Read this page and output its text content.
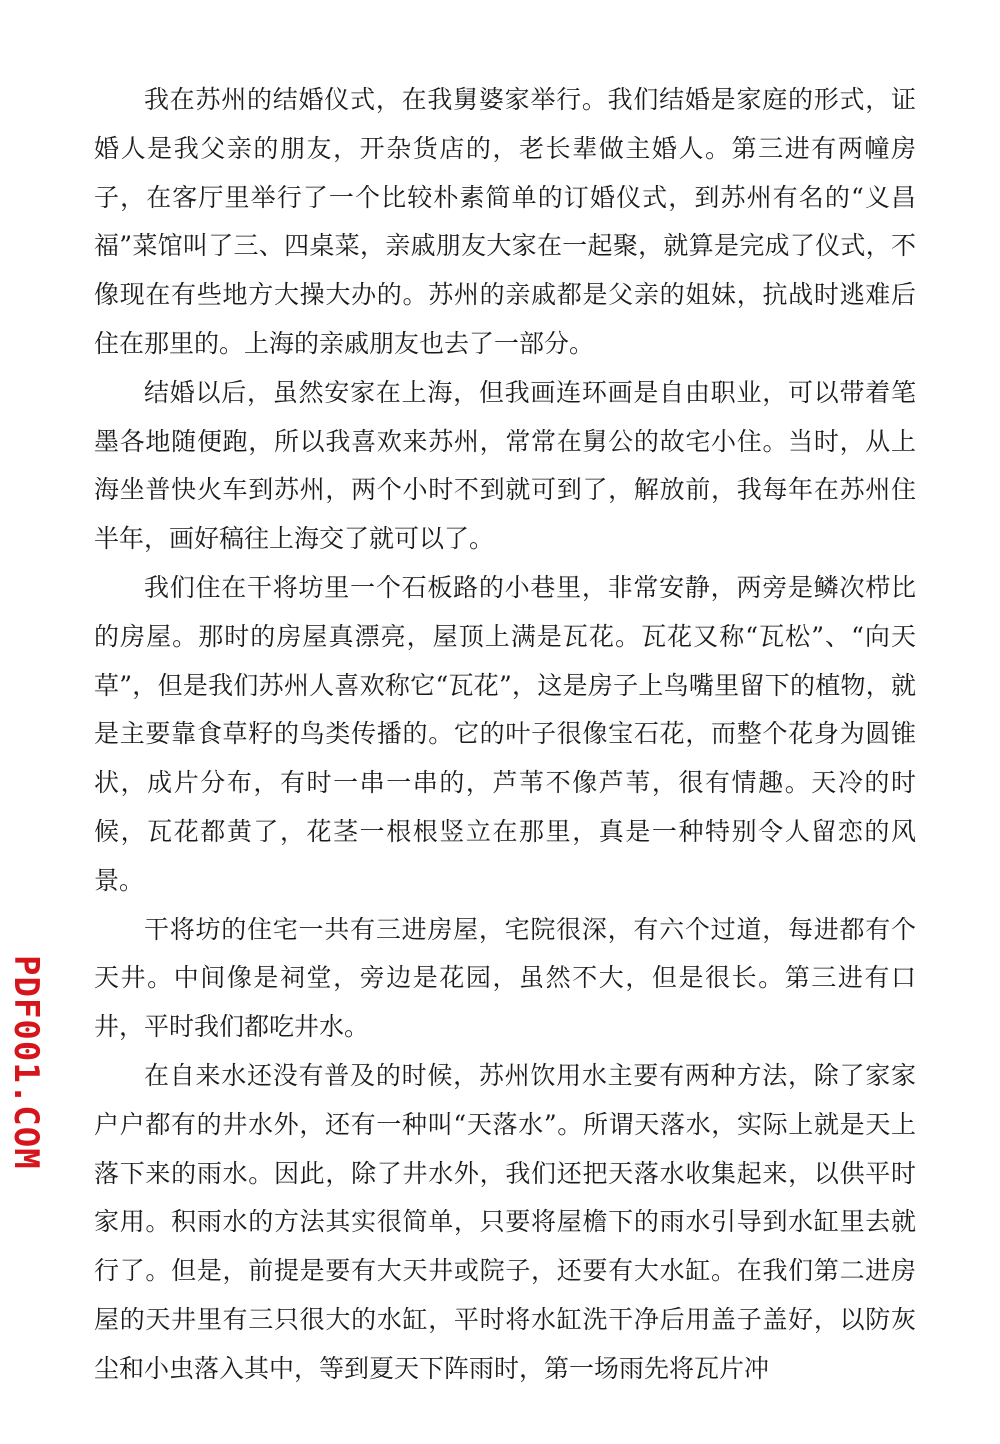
我在苏州的结婚仪式，在我舅婆家举行。我们结婚是家庭的形式，证婚人是我父亲的朋友，开杂货店的，老长辈做主婚人。第三进有两幢房子，在客厅里举行了一个比较朴素简单的订婚仪式，到苏州有名的“义昌福”菜馆叫了三、四桌菜，亲戚朋友大家在一起聚，就算是完成了仪式，不像现在有些地方大操大办的。苏州的亲戚都是父亲的姐妹，抗战时逃难后住在那里的。上海的亲戚朋友也去了一部分。

结婚以后，虽然安家在上海，但我画连环画是自由职业，可以带着笔墨各地随便跑，所以我喜欢来苏州，常常在舅公的故宅小住。当时，从上海坐普快火车到苏州，两个小时不到就可到了，解放前，我每年在苏州住半年，画好稿往上海交了就可以了。

我们住在干将坊里一个石板路的小巷里，非常安静，两旁是鳞次栉比的房屋。那时的房屋真漂亮，屋顶上满是瓦花。瓦花又称“瓦松”、“向天草”，但是我们苏州人喜欢称它“瓦花”，这是房子上鸟嘴里留下的植物，就是主要靠食草籽的鸟类传播的。它的叶子很像宝石花，而整个花身为圆锥状，成片分布，有时一串一串的，芦苇不像芦苇，很有情趣。天冷的时候，瓦花都黄了，花茎一根根竖立在那里，真是一种特别令人留恋的风景。

干将坊的住宅一共有三进房屋，宅院很深，有六个过道，每进都有个天井。中间像是祠堂，旁边是花园，虽然不大，但是很长。第三进有口井，平时我们都吃井水。

在自来水还没有普及的时候，苏州饮用水主要有两种方法，除了家家户户都有的井水外，还有一种叫“天落水”。所谓天落水，实际上就是天上落下来的雨水。因此，除了井水外，我们还把天落水收集起来，以供平时家用。积雨水的方法其实很简单，只要将屋檐下的雨水引导到水缸里去就行了。但是，前提是要有大天井或院子，还要有大水缸。在我们第二进房屋的天井里有三只很大的水缸，平时将水缸洗干净后用盖子盖好，以防灰尘和小虫落入其中，等到夏天下阵雨时，第一场雨先将瓦片冲

PDF001.COM
